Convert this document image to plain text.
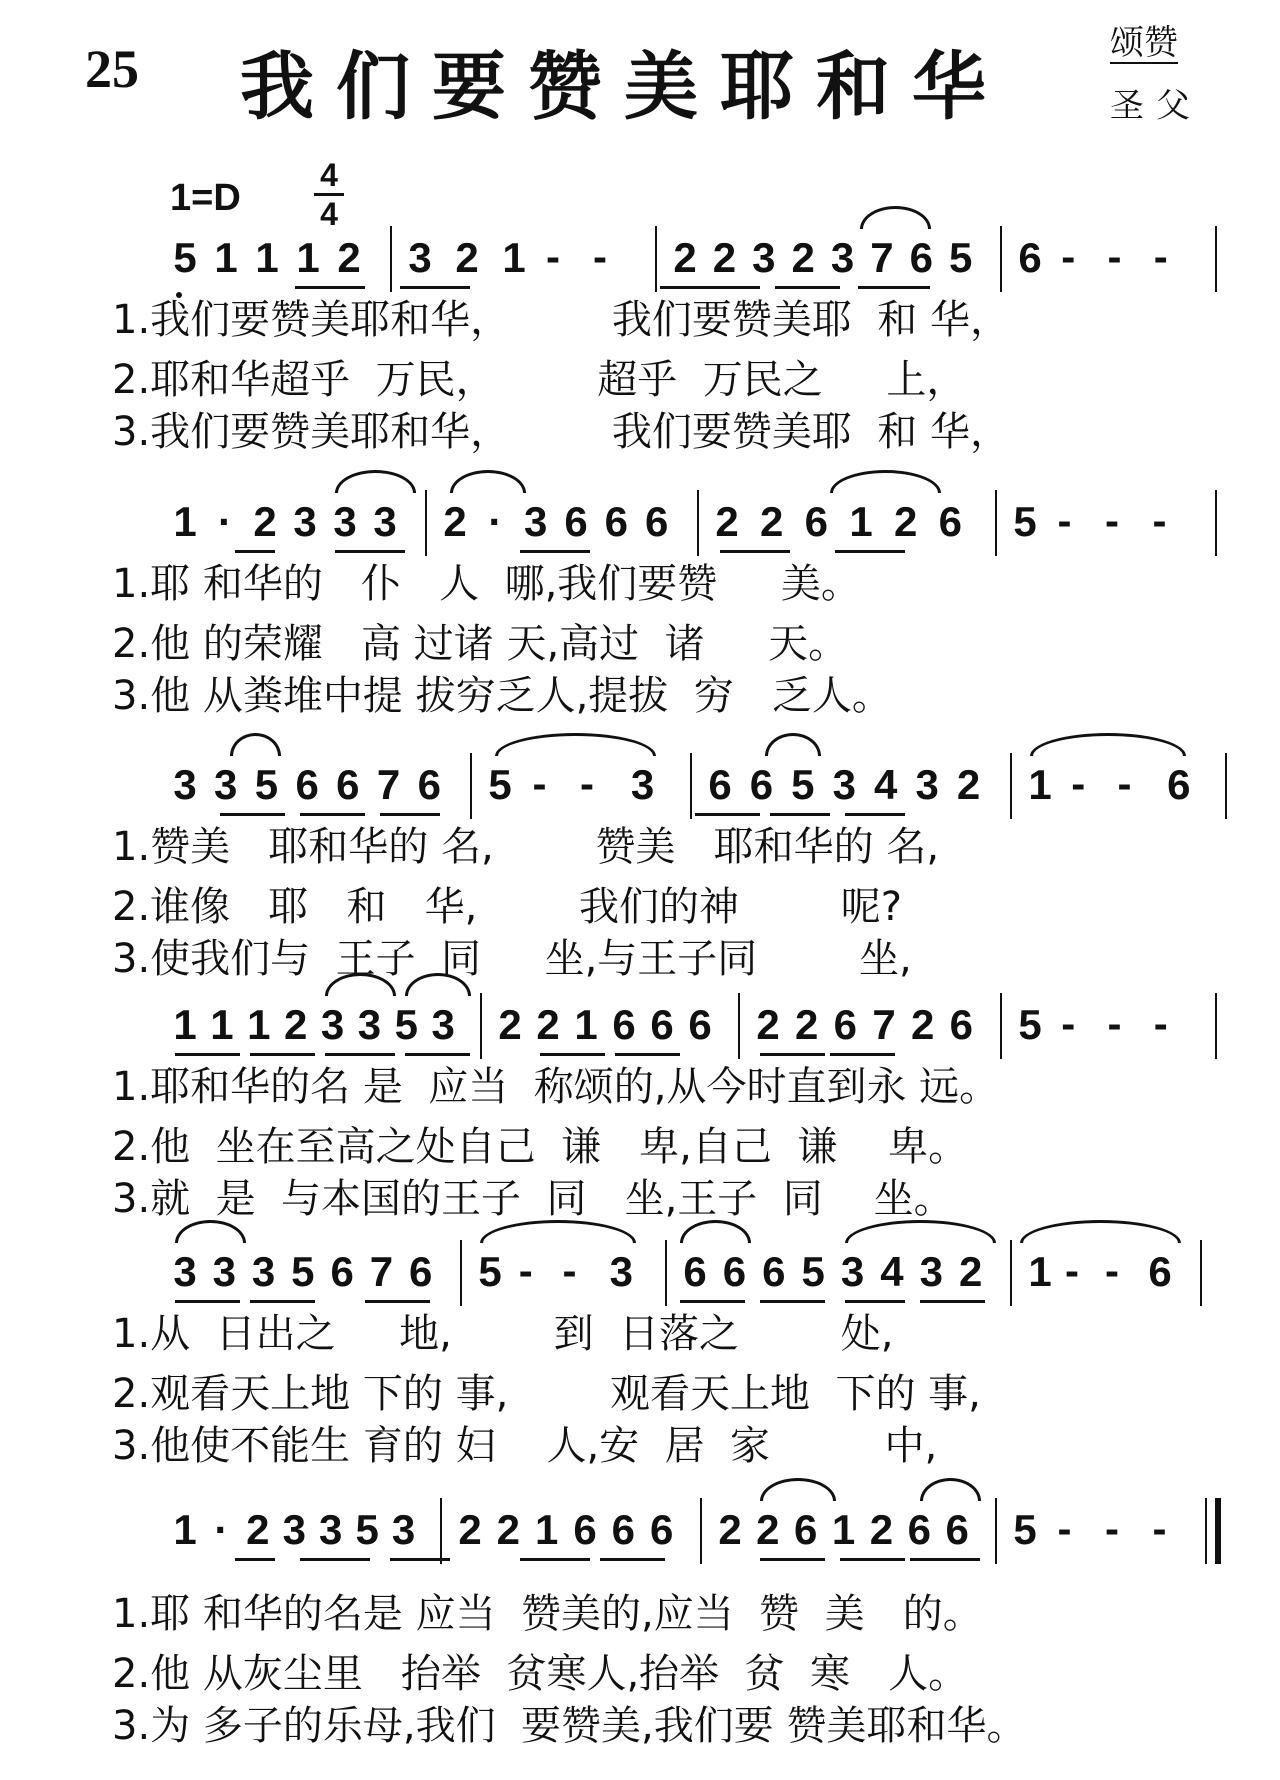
25 我们要赞美耶和华
颂赞
圣父
1=D
4
4
5 1 1 1 2 3 2 1 - - 2 2 3 2 3 7 6 5 6 - - -
1.我们要赞美耶和华，        我们要赞美耶  和 华，
2.耶和华超乎  万民，        超乎  万民之     上，
3.我们要赞美耶和华，        我们要赞美耶  和 华，
1 · 2 3 3 3 2 · 3 6 6 6 2 2 6 1 2 6 5 - - -
1.耶 和华的   仆   人  哪,我们要赞     美。
2.他 的荣耀   高 过诸 天,高过  诸     天。
3.他 从粪堆中提 拔穷乏人,提拔  穷   乏人。
3 3 5 6 6 7 6 5 - - 3 6 6 5 3 4 3 2 1 - - 6
1.赞美   耶和华的 名,        赞美   耶和华的 名,
2.谁像   耶   和   华,        我们的神        呢?
3.使我们与  王子  同     坐,与王子同        坐,
1 1 1 2 3 3 5 3 2 2 1 6 6 6 2 2 6 7 2 6 5 - - -
1.耶和华的名 是  应当  称颂的,从今时直到永 远。
2.他  坐在至高之处自己  谦   卑,自己  谦    卑。
3.就  是  与本国的王子  同   坐,王子  同    坐。
3 3 3 5 6 7 6 5 - - 3 6 6 6 5 3 4 3 2 1 - - 6
1.从  日出之     地,        到  日落之        处,
2.观看天上地 下的 事,        观看天上地  下的 事,
3.他使不能生 育的 妇    人,安  居  家         中,
1 · 2 3 3 5 3 2 2 1 6 6 6 2 2 6 1 2 6 6 5 - - -
1.耶 和华的名是 应当  赞美的,应当  赞  美   的。
2.他 从灰尘里   抬举  贫寒人,抬举  贫  寒   人。
3.为 多子的乐母,我们  要赞美,我们要 赞美耶和华。
